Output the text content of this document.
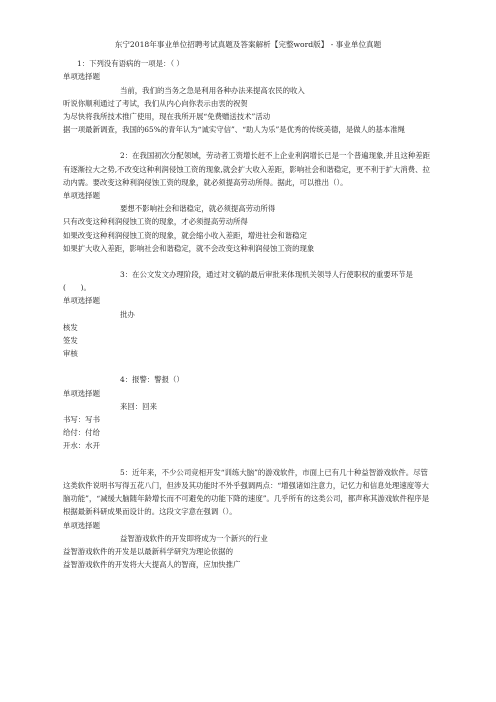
东宁2018年事业单位招聘考试真题及答案解析【完整word版】 - 事业单位真题

1：下列没有语病的一项是：（ ）

单项选择题

当前，我们的当务之急是利用各种办法来提高农民的收入

听说你顺利通过了考试，我们从内心向你表示由衷的祝贺

为尽快将我所技术推广使用，现在我所开展“免费赠送技术”活动

据一项最新调查，我国的65%的青年认为“诚实守信”、“助人为乐”是优秀的传统美德，是做人的基本准绳

2：在我国初次分配领域，劳动者工资增长赶不上企业利润增长已是一个普遍现象,并且这种差距有逐渐拉大之势,不改变这种利润侵蚀工资的现象,就会扩大收入差距，影响社会和谐稳定，更不利于扩大消费、拉动内需。要改变这种利润侵蚀工资的现象，就必须提高劳动所得。据此，可以推出（）。

单项选择题

要想不影响社会和谐稳定，就必须提高劳动所得

只有改变这种利润侵蚀工资的现象，才必须提高劳动所得

如果改变这种利润侵蚀工资的现象，就会缩小收入差距，增进社会和谐稳定

如果扩大收入差距，影响社会和谐稳定，就不会改变这种利润侵蚀工资的现象

3：在公文发文办理阶段，通过对文稿的最后审批来体现机关领导人行使职权的重要环节是(　　)。

单项选择题

批办

核发

签发

审核

4：报警：警报（）

单项选择题

来回：回来

书写：写书

给付：付给

开水：水开

5：近年来，不少公司竞相开发“训练大脑”的游戏软件，市面上已有几十种益智游戏软件。尽管这类软件说明书写得五花八门，但涉及其功能时不外乎强调两点：“增强诸如注意力，记忆力和信息处理速度等大脑功能”，“减缓大脑随年龄增长而不可避免的功能下降的速度”。几乎所有的这类公司，都声称其游戏软件程序是根据最新科研成果而设计的。这段文字意在强调（）。

单项选择题

益智游戏软件的开发即将成为一个新兴的行业

益智游戏软件的开发是以最新科学研究为理论依据的

益智游戏软件的开发将大大提高人的智商，应加快推广
